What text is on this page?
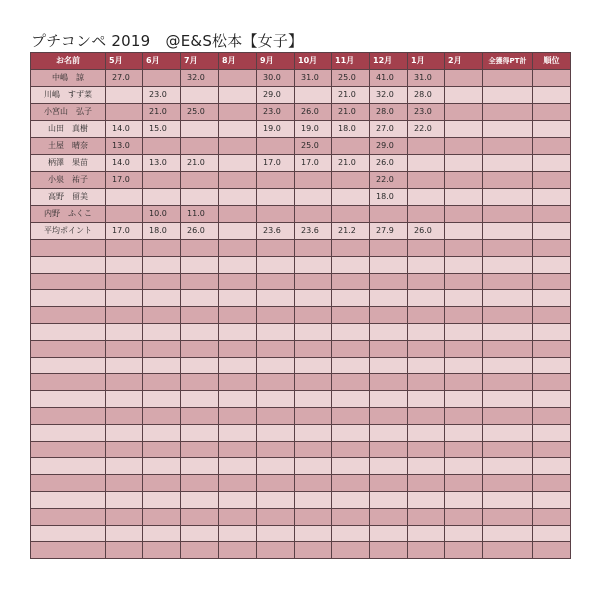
プチコンペ 2019　@E&S松本【女子】
お名前	5月	6月	7月	8月	9月	10月	11月	12月	1月	2月	全獲得PT計	順位
中嶋　諒	27.0		32.0		30.0	31.0	25.0	41.0	31.0			
川嶋　すず菜		23.0			29.0		21.0	32.0	28.0			
小宮山　弘子		21.0	25.0		23.0	26.0	21.0	28.0	23.0			
山田　真樹	14.0	15.0			19.0	19.0	18.0	27.0	22.0			
土屋　晴奈	13.0					25.0		29.0				
柄澤　果苗	14.0	13.0	21.0		17.0	17.0	21.0	26.0				
小泉　祐子	17.0							22.0				
高野　留美								18.0				
内野　ふくこ		10.0	11.0									
平均ポイント	17.0	18.0	26.0		23.6	23.6	21.2	27.9	26.0			
